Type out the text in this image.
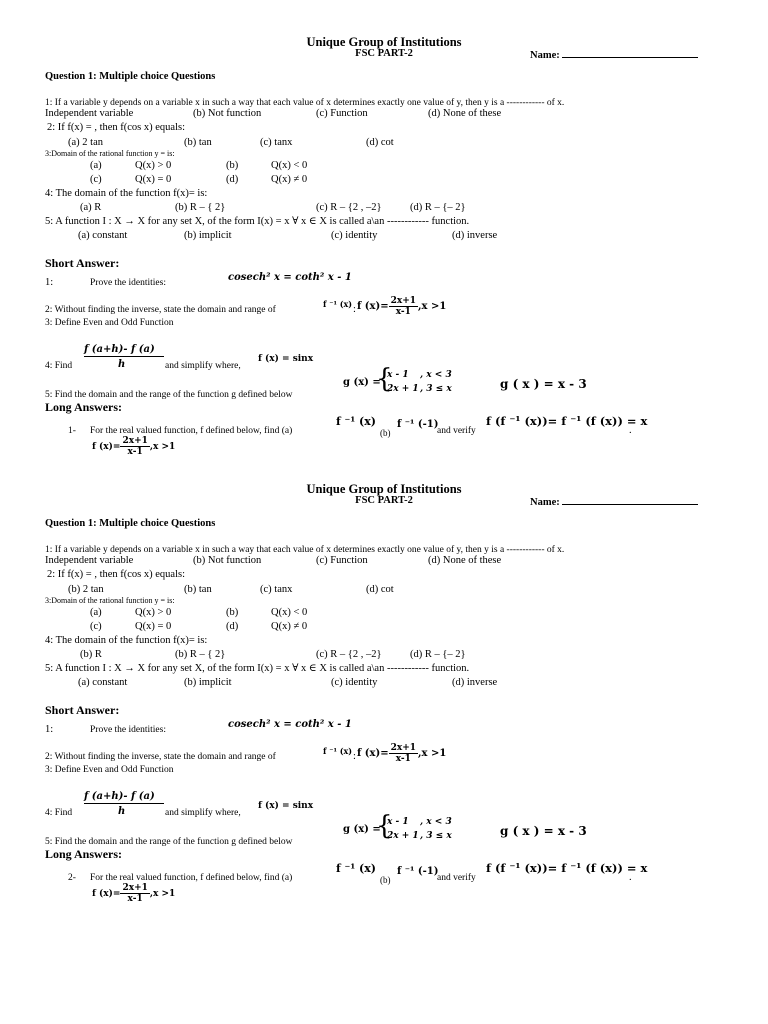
Unique Group of Institutions
FSC PART-2	Name:
Question 1: Multiple choice Questions
1: If a variable y depends on a variable x in such a way that each value of x determines exactly one value of y, then y is a ------------ of x.
Independent variable	(b) Not function	(c) Function	(d) None of these
2: If f(x) = , then f(cos x) equals:
(a) 2 tan	(b) tan	(c) tanx	(d) cot
3:Domain of the rational function y = is:
(a)	Q(x) > 0	(b)	Q(x) < 0
(c)	Q(x) = 0	(d)	Q(x) ≠ 0
4: The domain of the function f(x)= is:
(a) R	(b) R – { 2}	(c) R – {2 , –2}	(d) R – {– 2}
5: A function I : X → X for any set X, of the form I(x) = x ∀ x ∈ X is called a\an ------------ function.
(a) constant	(b) implicit	(c) identity	(d) inverse
Short Answer:
1:	Prove the identities:	cosech² x = coth² x - 1
2: Without finding the inverse, state the domain and range of
f ⁻¹ (x) : f $(x)= \frac{2x+1}{x-1} ,x >1$
3: Define Even and Odd Function
f (a+h)- f (a)
h
4: Find	and simplify where,
f (x) = sinx
5: Find the domain and the range of the function g defined below
g (x) =
{
x - 1 , x < 3
2x + 1 , 3 ≤ x	g ( x ) = x - 3
Long Answers:
1- For the real valued function, f defined below, find (a)
f ⁻¹ (x)
(b)
f ⁻¹ (-1)
and verify
f (f ⁻¹ (x))= f ⁻¹ (f (x)) = x
.
f $(x)= \frac{2x+1}{x-1} ,x >1$
Unique Group of Institutions
FSC PART-2	Name:
Question 1: Multiple choice Questions
1: If a variable y depends on a variable x in such a way that each value of x determines exactly one value of y, then y is a ------------ of x.
Independent variable	(b) Not function	(c) Function	(d) None of these
2: If f(x) = , then f(cos x) equals:
(b) 2 tan	(b) tan	(c) tanx	(d) cot
3:Domain of the rational function y = is:
(a)	Q(x) > 0	(b)	Q(x) < 0
(c)	Q(x) = 0	(d)	Q(x) ≠ 0
4: The domain of the function f(x)= is:
(b) R	(b) R – { 2}	(c) R – {2 , –2}	(d) R – {– 2}
5: A function I : X → X for any set X, of the form I(x) = x ∀ x ∈ X is called a\an ------------ function.
(a) constant	(b) implicit	(c) identity	(d) inverse
Short Answer:
1:	Prove the identities:	cosech² x = coth² x - 1
2: Without finding the inverse, state the domain and range of
f ⁻¹ (x) : f $(x)= \frac{2x+1}{x-1} ,x >1$
3: Define Even and Odd Function
f (a+h)- f (a)
h
4: Find	and simplify where,
f (x) = sinx
5: Find the domain and the range of the function g defined below
g (x) =
{
x - 1 , x < 3
2x + 1 , 3 ≤ x	g ( x ) = x - 3
Long Answers:
2- For the real valued function, f defined below, find (a)
f ⁻¹ (x)
(b)
f ⁻¹ (-1)
and verify
f (f ⁻¹ (x))= f ⁻¹ (f (x)) = x
.
f $(x)= \frac{2x+1}{x-1} ,x >1$
